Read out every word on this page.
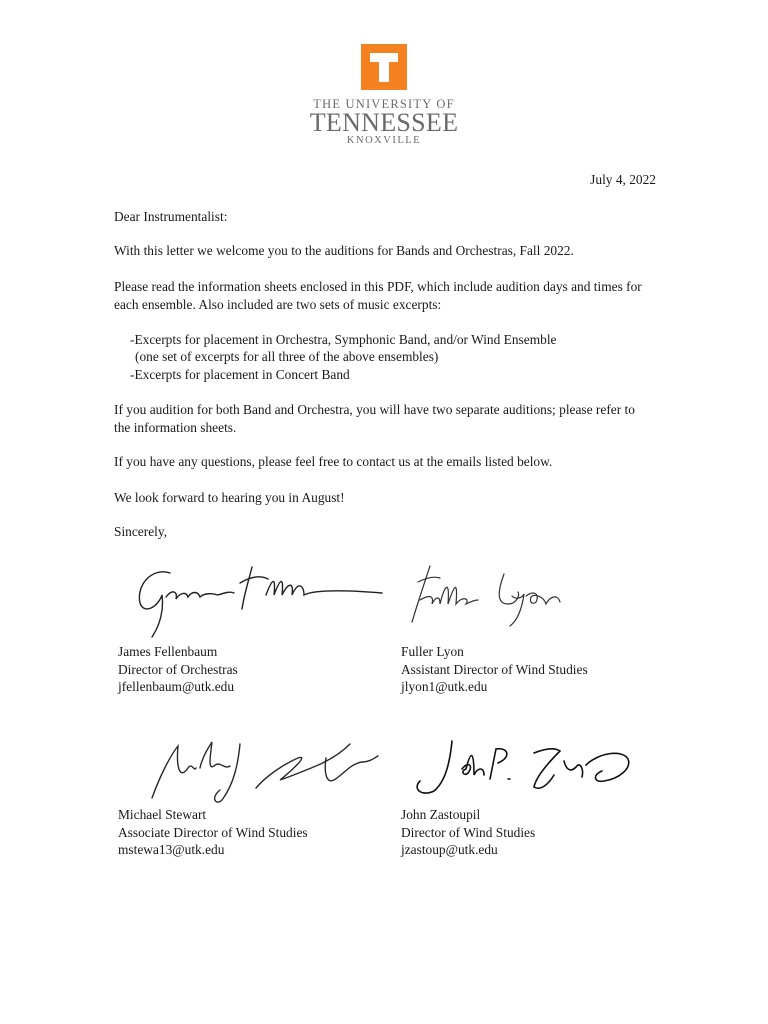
THE UNIVERSITY OF
TENNESSEE
KNOXVILLE
July 4, 2022

Dear Instrumentalist:

With this letter we welcome you to the auditions for Bands and Orchestras, Fall 2022.

Please read the information sheets enclosed in this PDF, which include audition days and times for each ensemble. Also included are two sets of music excerpts:

-Excerpts for placement in Orchestra, Symphonic Band, and/or Wind Ensemble
(one set of excerpts for all three of the above ensembles)
-Excerpts for placement in Concert Band

If you audition for both Band and Orchestra, you will have two separate auditions; please refer to the information sheets.

If you have any questions, please feel free to contact us at the emails listed below.

We look forward to hearing you in August!

Sincerely,

James Fellenbaum
Director of Orchestras
jfellenbaum@utk.edu
Fuller Lyon
Assistant Director of Wind Studies
jlyon1@utk.edu
Michael Stewart
Associate Director of Wind Studies
mstewa13@utk.edu
John Zastoupil
Director of Wind Studies
jzastoup@utk.edu
